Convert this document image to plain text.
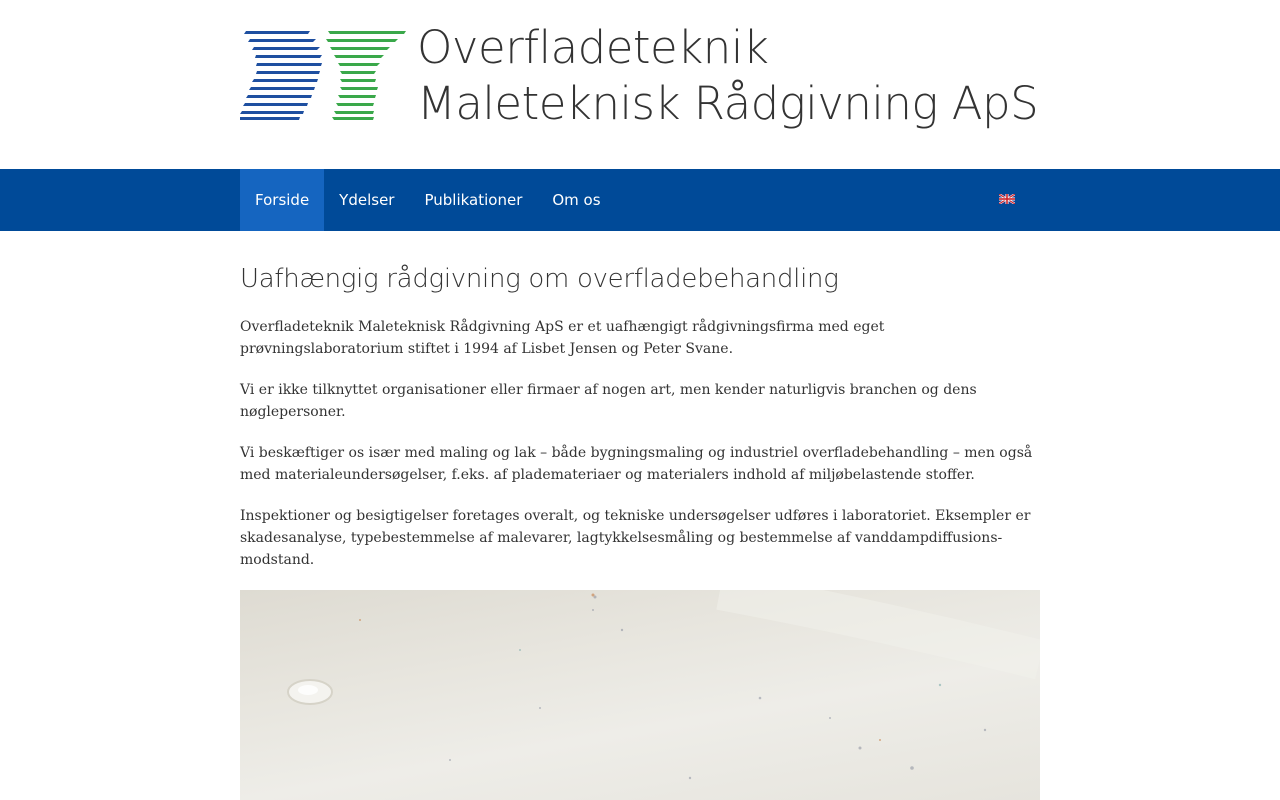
Overfladeteknik
Maleteknisk Rådgivning ApS
Forside	Ydelser	Publikationer	Om os
Uafhængig rådgivning om overfladebehandling

Overfladeteknik Maleteknisk Rådgivning ApS er et uafhængigt rådgivningsfirma med eget prøvningslaboratorium stiftet i 1994 af Lisbet Jensen og Peter Svane.

Vi er ikke tilknyttet organisationer eller firmaer af nogen art, men kender naturligvis branchen og dens nøglepersoner.

Vi beskæftiger os især med maling og lak – både bygningsmaling og industriel overfladebehandling – men også med materialeundersøgelser, f.eks. af plademateriaer og materialers indhold af miljøbelastende stoffer.

Inspektioner og besigtigelser foretages overalt, og tekniske undersøgelser udføres i laboratoriet. Eksempler er skadesanalyse, typebestemmelse af malevarer, lagtykkelsesmåling og bestemmelse af vanddampdiffusions-modstand.
